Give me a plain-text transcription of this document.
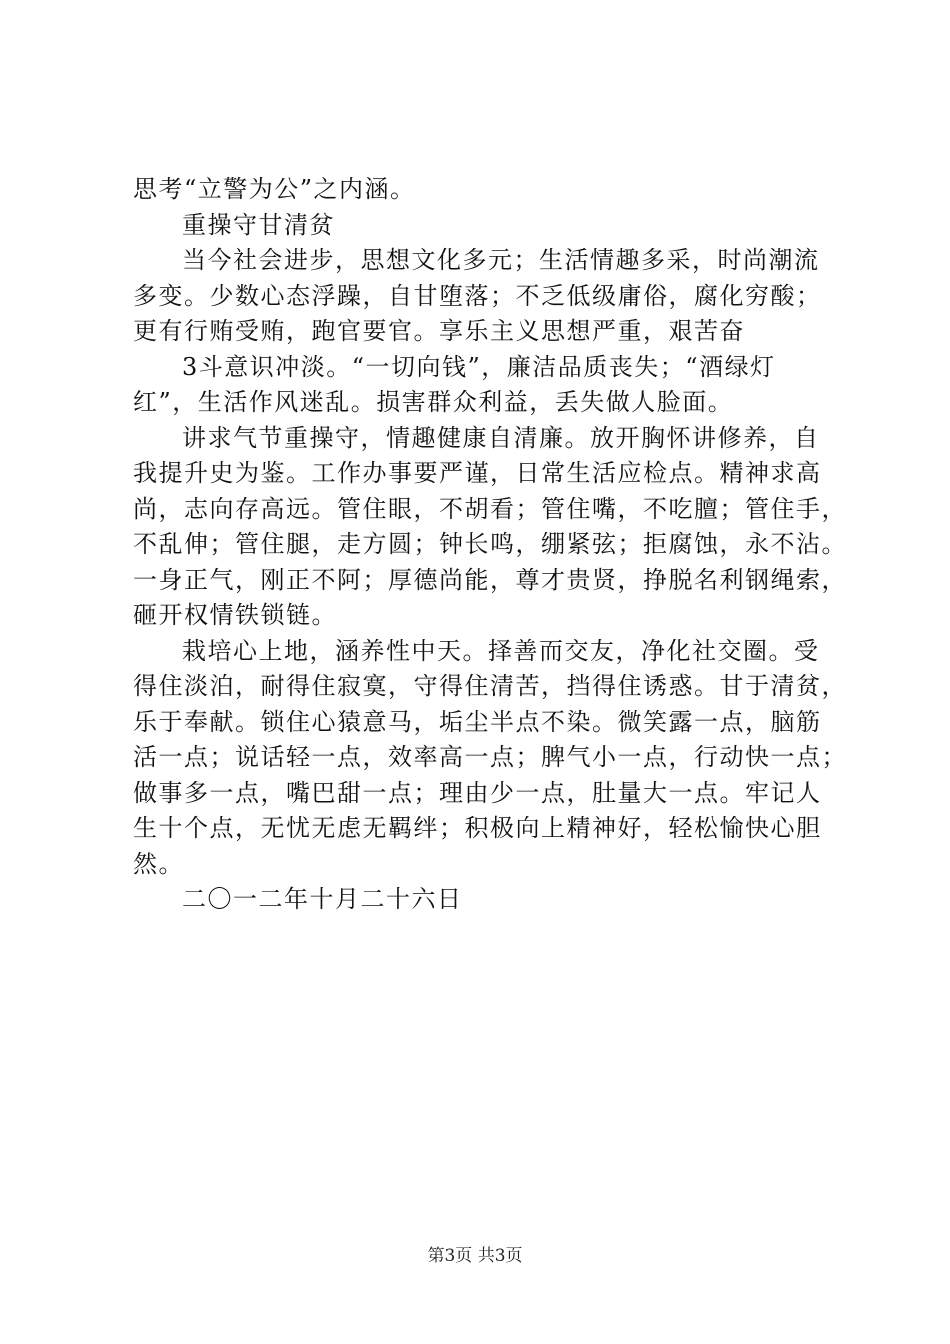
思考“立警为公”之内涵。
重操守甘清贫
当今社会进步，思想文化多元；生活情趣多采，时尚潮流
多变。少数心态浮躁，自甘堕落；不乏低级庸俗，腐化穷酸；
更有行贿受贿，跑官要官。享乐主义思想严重，艰苦奋
3斗意识冲淡。“一切向钱”，廉洁品质丧失；“酒绿灯
红”，生活作风迷乱。损害群众利益，丢失做人脸面。
讲求气节重操守，情趣健康自清廉。放开胸怀讲修养，自
我提升史为鉴。工作办事要严谨，日常生活应检点。精神求高
尚，志向存高远。管住眼，不胡看；管住嘴，不吃膻；管住手，
不乱伸；管住腿，走方圆；钟长鸣，绷紧弦；拒腐蚀，永不沾。
一身正气，刚正不阿；厚德尚能，尊才贵贤，挣脱名利钢绳索，
砸开权情铁锁链。
栽培心上地，涵养性中天。择善而交友，净化社交圈。受
得住淡泊，耐得住寂寞，守得住清苦，挡得住诱惑。甘于清贫，
乐于奉献。锁住心猿意马，垢尘半点不染。微笑露一点，脑筋
活一点；说话轻一点，效率高一点；脾气小一点，行动快一点；
做事多一点，嘴巴甜一点；理由少一点，肚量大一点。牢记人
生十个点，无忧无虑无羁绊；积极向上精神好，轻松愉快心胆
然。
二〇一二年十月二十六日
第3页 共3页
